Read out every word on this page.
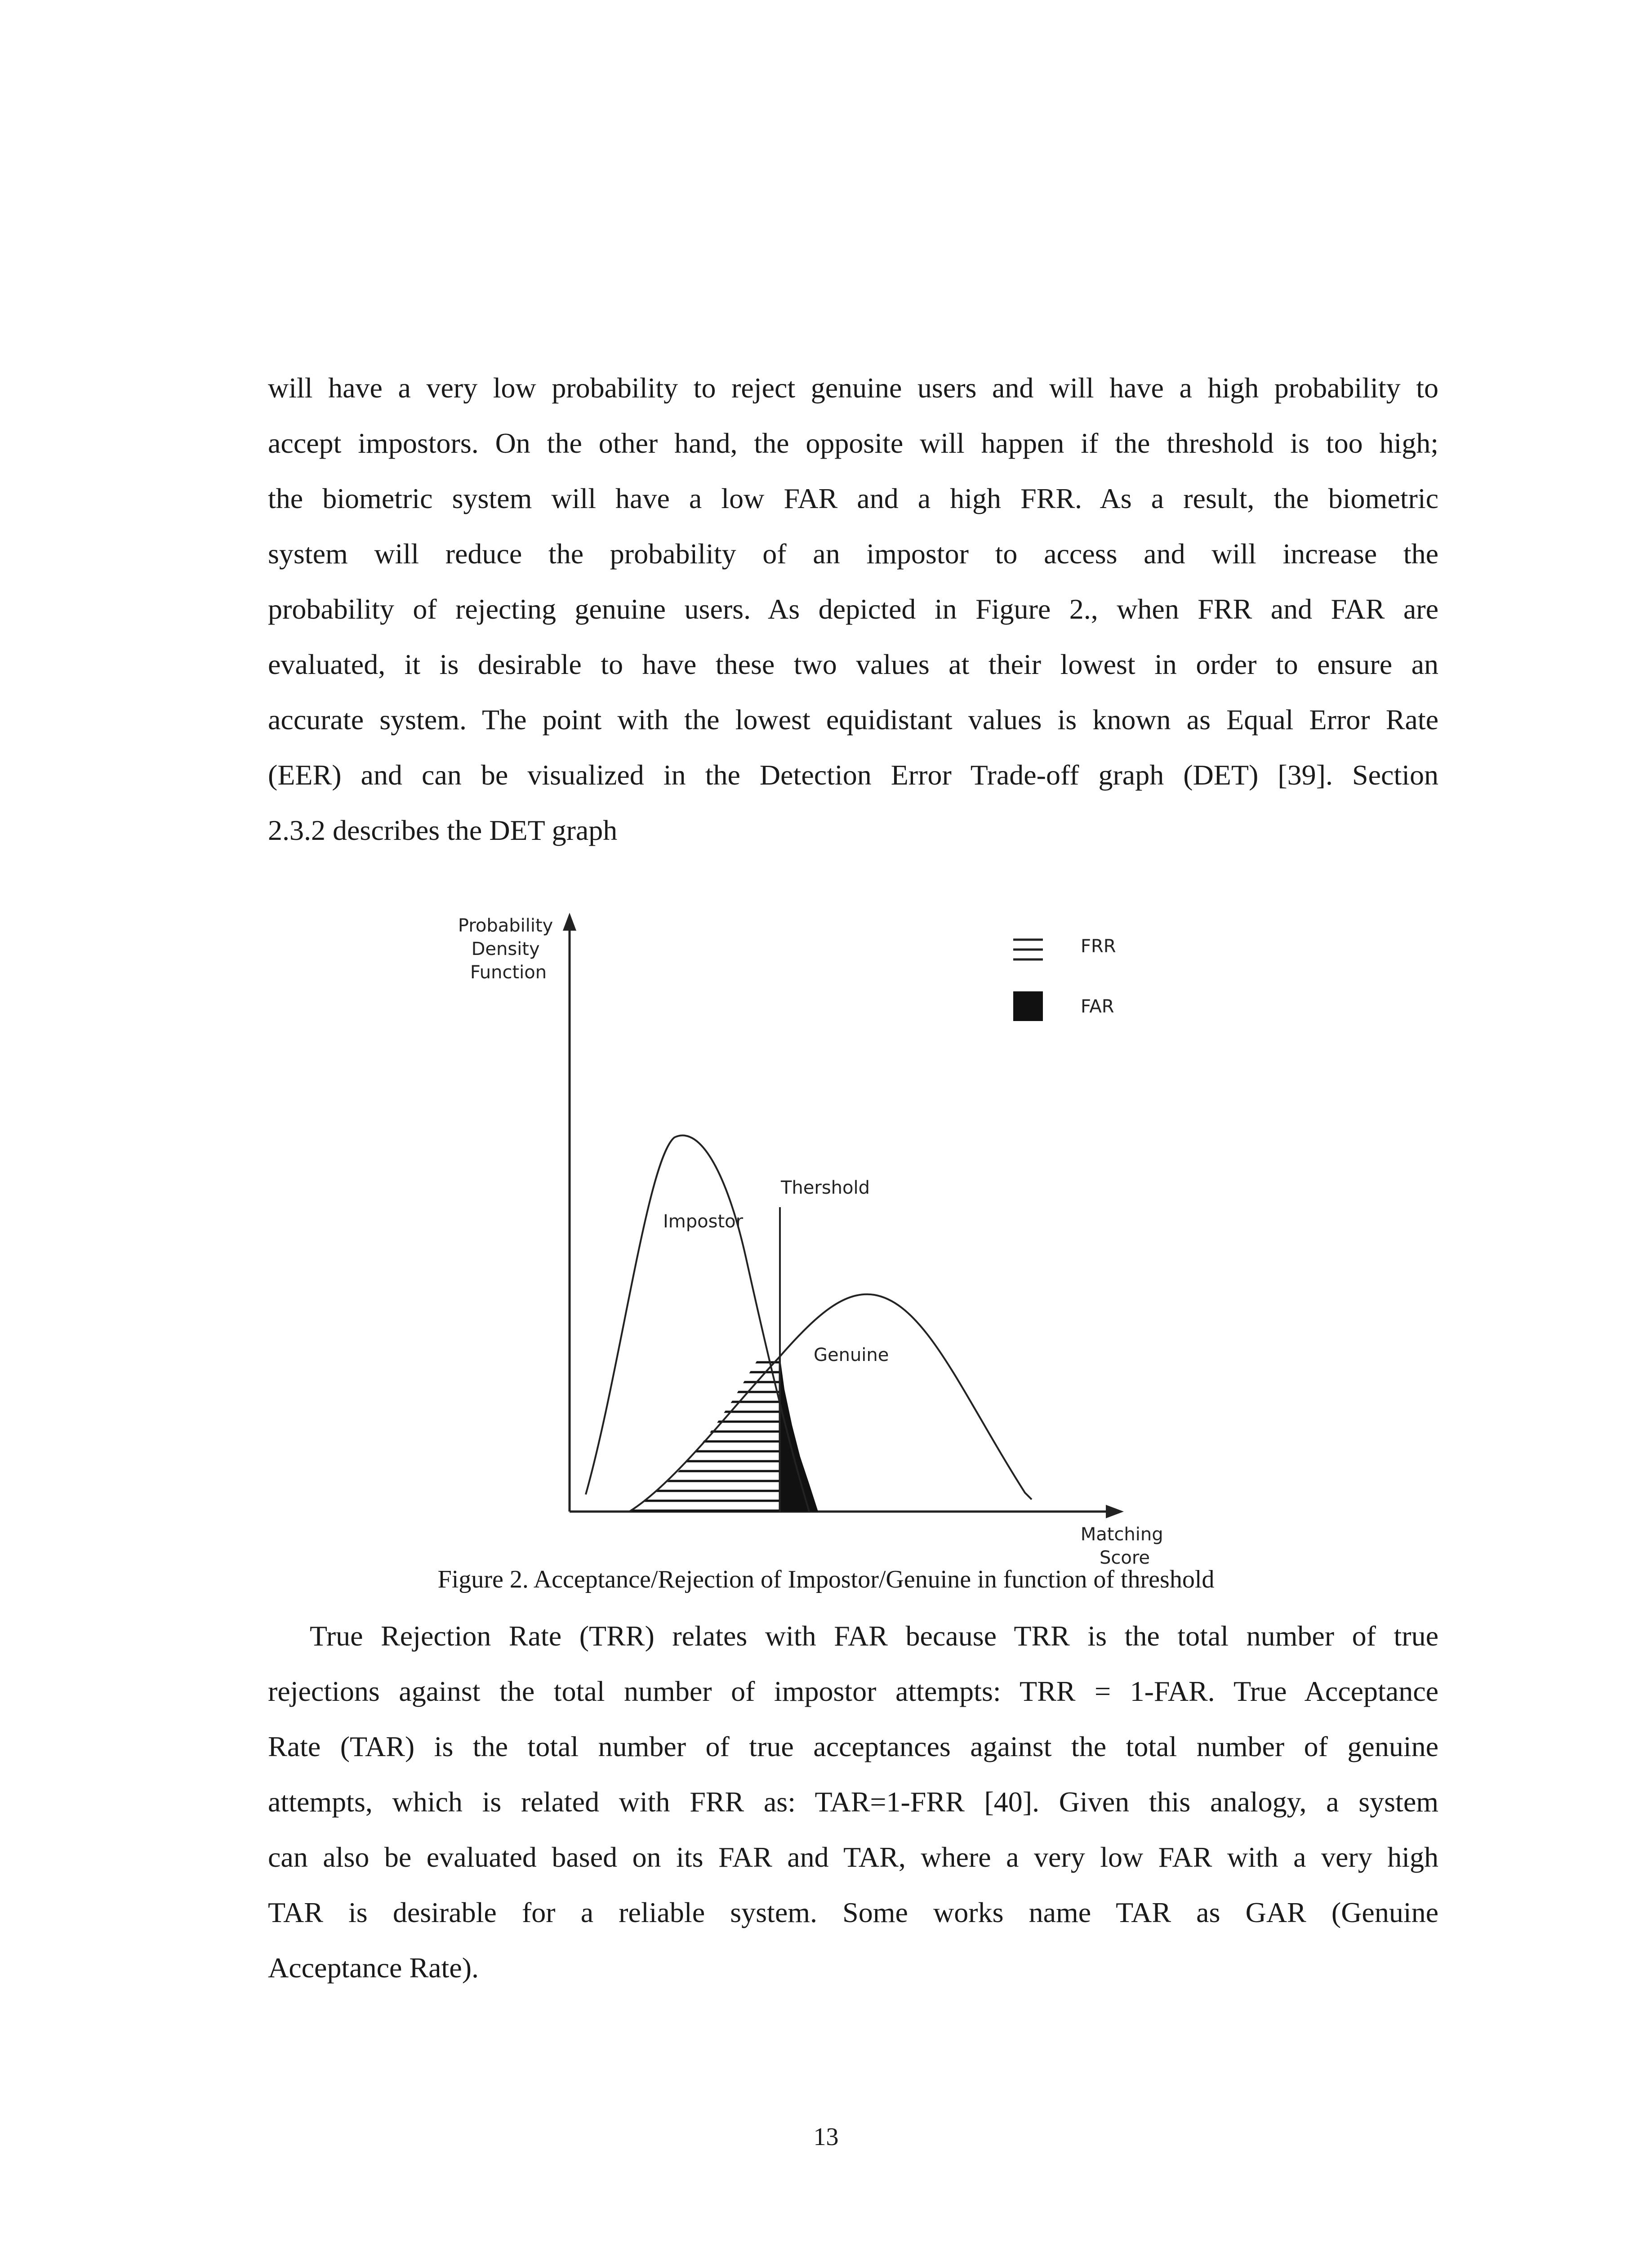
will have a very low probability to reject genuine users and will have a high probability to
accept impostors. On the other hand, the opposite will happen if the threshold is too high;
the biometric system will have a low FAR and a high FRR. As a result, the biometric
system will reduce the probability of an impostor to access and will increase the
probability of rejecting genuine users. As depicted in Figure 2., when FRR and FAR are
evaluated, it is desirable to have these two values at their lowest in order to ensure an
accurate system. The point with the lowest equidistant values is known as Equal Error Rate
(EER) and can be visualized in the Detection Error Trade-off graph (DET) [39]. Section
2.3.2 describes the DET graph
Probability Density Function
Matching Score
Impostor
Thershold
Genuine
FRR
FAR
Figure 2. Acceptance/Rejection of Impostor/Genuine in function of threshold
True Rejection Rate (TRR) relates with FAR because TRR is the total number of true
rejections against the total number of impostor attempts: TRR = 1-FAR. True Acceptance
Rate (TAR) is the total number of true acceptances against the total number of genuine
attempts, which is related with FRR as: TAR=1-FRR [40]. Given this analogy, a system
can also be evaluated based on its FAR and TAR, where a very low FAR with a very high
TAR is desirable for a reliable system. Some works name TAR as GAR (Genuine
Acceptance Rate).
13
